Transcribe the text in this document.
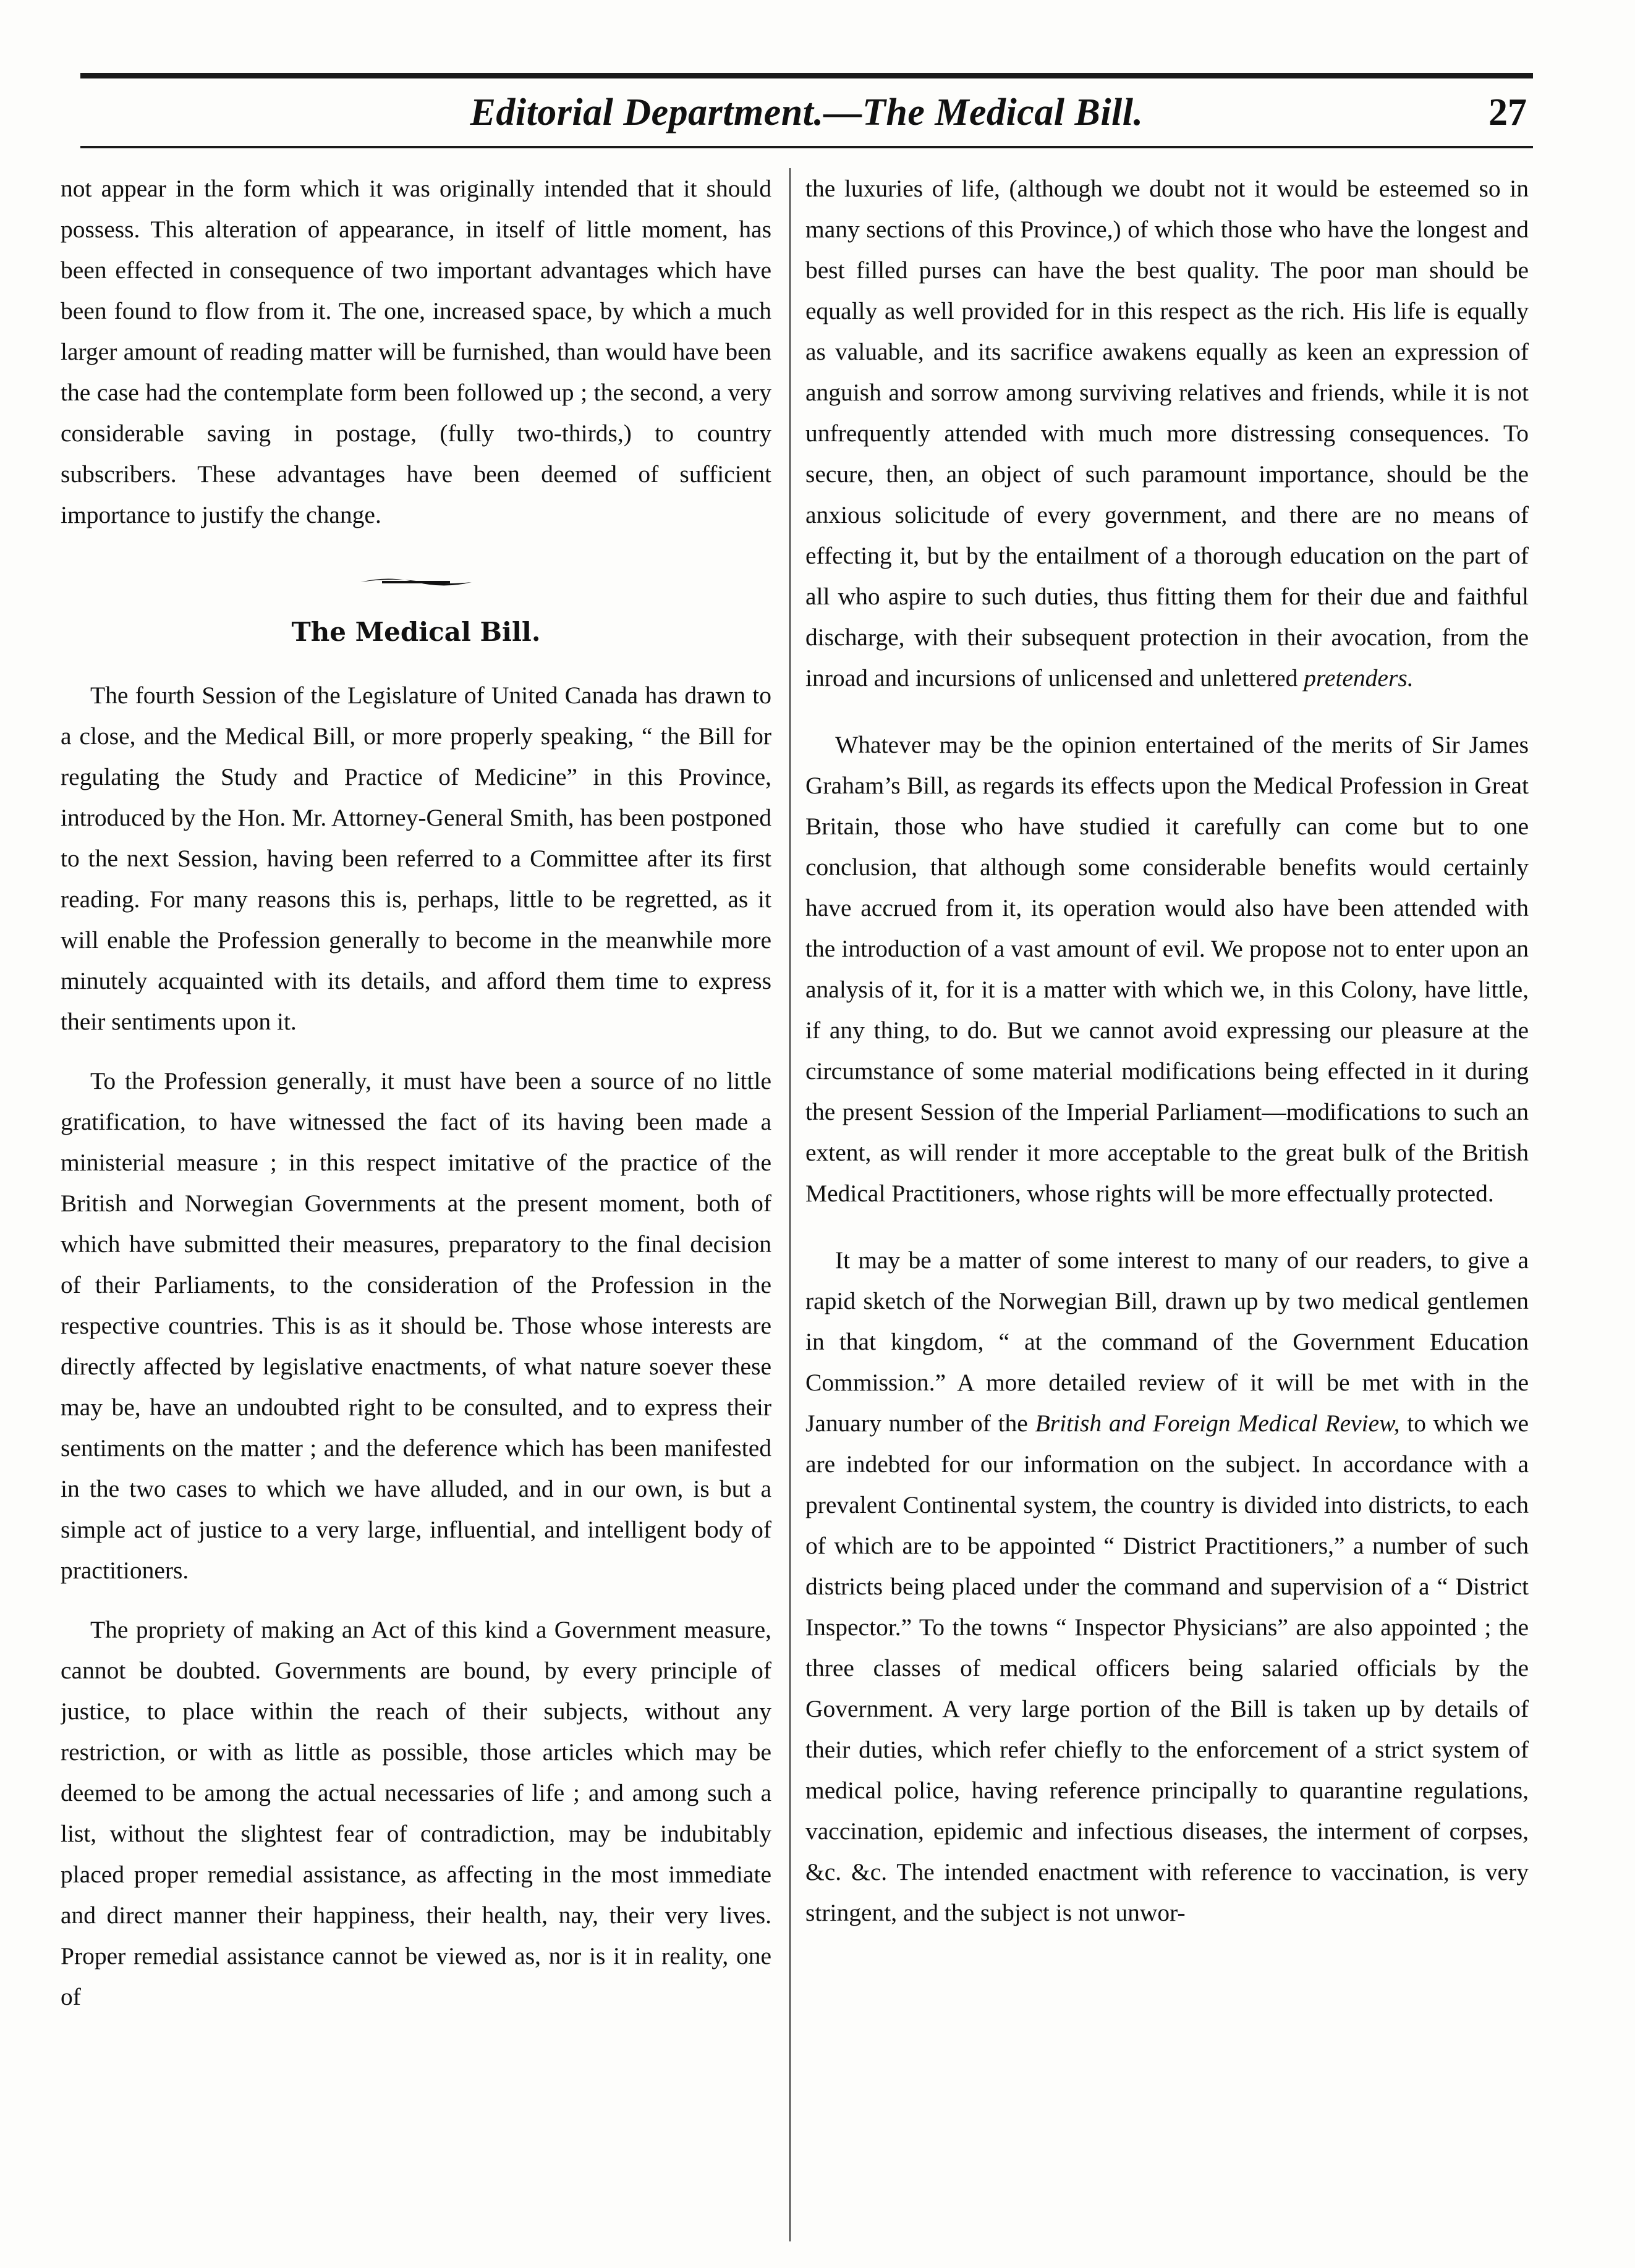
Editorial Department.—The Medical Bill.	27

not appear in the form which it was originally intended that it should possess. This alteration of appearance, in itself of little moment, has been effected in consequence of two important advantages which have been found to flow from it. The one, increased space, by which a much larger amount of reading matter will be furnished, than would have been the case had the contemplate form been followed up ; the second, a very considerable saving in postage, (fully two-thirds,) to country subscribers. These advantages have been deemed of sufficient importance to justify the change.

The Medical Bill.

The fourth Session of the Legislature of United Canada has drawn to a close, and the Medical Bill, or more properly speaking, “ the Bill for regulating the Study and Practice of Medicine” in this Province, introduced by the Hon. Mr. Attorney-General Smith, has been postponed to the next Session, having been referred to a Committee after its first reading. For many reasons this is, perhaps, little to be regretted, as it will enable the Profession generally to become in the meanwhile more minutely acquainted with its details, and afford them time to express their sentiments upon it.

To the Profession generally, it must have been a source of no little gratification, to have witnessed the fact of its having been made a ministerial measure ; in this respect imitative of the practice of the British and Norwegian Governments at the present moment, both of which have submitted their measures, preparatory to the final decision of their Parliaments, to the consideration of the Profession in the respective countries. This is as it should be. Those whose interests are directly affected by legislative enactments, of what nature soever these may be, have an undoubted right to be consulted, and to express their sentiments on the matter ; and the deference which has been manifested in the two cases to which we have alluded, and in our own, is but a simple act of justice to a very large, influential, and intelligent body of practitioners.

The propriety of making an Act of this kind a Government measure, cannot be doubted. Governments are bound, by every principle of justice, to place within the reach of their subjects, without any restriction, or with as little as possible, those articles which may be deemed to be among the actual necessaries of life ; and among such a list, without the slightest fear of contradiction, may be indubitably placed proper remedial assistance, as affecting in the most immediate and direct manner their happiness, their health, nay, their very lives. Proper remedial assistance cannot be viewed as, nor is it in reality, one of

the luxuries of life, (although we doubt not it would be esteemed so in many sections of this Province,) of which those who have the longest and best filled purses can have the best quality. The poor man should be equally as well provided for in this respect as the rich. His life is equally as valuable, and its sacrifice awakens equally as keen an expression of anguish and sorrow among surviving relatives and friends, while it is not unfrequently attended with much more distressing consequences. To secure, then, an object of such paramount importance, should be the anxious solicitude of every government, and there are no means of effecting it, but by the entailment of a thorough education on the part of all who aspire to such duties, thus fitting them for their due and faithful discharge, with their subsequent protection in their avocation, from the inroad and incursions of unlicensed and unlettered pretenders.

Whatever may be the opinion entertained of the merits of Sir James Graham’s Bill, as regards its effects upon the Medical Profession in Great Britain, those who have studied it carefully can come but to one conclusion, that although some considerable benefits would certainly have accrued from it, its operation would also have been attended with the introduction of a vast amount of evil. We propose not to enter upon an analysis of it, for it is a matter with which we, in this Colony, have little, if any thing, to do. But we cannot avoid expressing our pleasure at the circumstance of some material modifications being effected in it during the present Session of the Imperial Parliament—modifications to such an extent, as will render it more acceptable to the great bulk of the British Medical Practitioners, whose rights will be more effectually protected.

It may be a matter of some interest to many of our readers, to give a rapid sketch of the Norwegian Bill, drawn up by two medical gentlemen in that kingdom, “ at the command of the Government Education Commission.” A more detailed review of it will be met with in the January number of the British and Foreign Medical Review, to which we are indebted for our information on the subject. In accordance with a prevalent Continental system, the country is divided into districts, to each of which are to be appointed “ District Practitioners,” a number of such districts being placed under the command and supervision of a “ District Inspector.” To the towns “ Inspector Physicians” are also appointed ; the three classes of medical officers being salaried officials by the Government. A very large portion of the Bill is taken up by details of their duties, which refer chiefly to the enforcement of a strict system of medical police, having reference principally to quarantine regulations, vaccination, epidemic and infectious diseases, the interment of corpses, &c. &c. The intended enactment with reference to vaccination, is very stringent, and the subject is not unwor-
